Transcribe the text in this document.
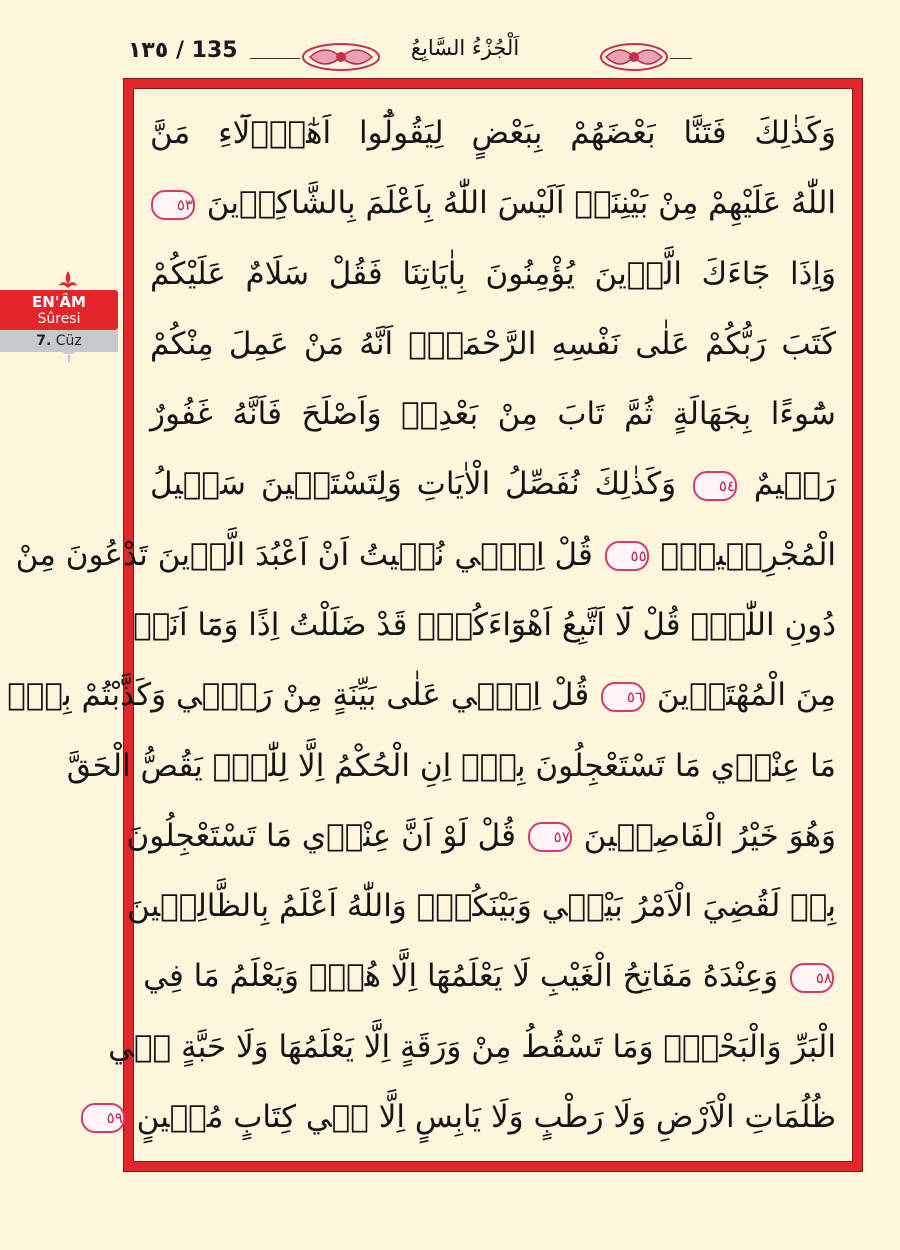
١٣٥ / 135	اَلْجُزْءُ السَّابِعُ
EN'ÂM
Sûresi
7. Cüz
وَكَذٰلِكَ فَتَنَّا بَعْضَهُمْ بِبَعْضٍ لِيَقُولُٓوا اَهٰٓؤُ۬لَٓاءِ مَنَّ
اللّٰهُ عَلَيْهِمْ مِنْ بَيْنِنَاۜ اَلَيْسَ اللّٰهُ بِاَعْلَمَ بِالشَّاكِر۪ينَ ٥٣
وَاِذَا جَٓاءَكَ الَّذ۪ينَ يُؤْمِنُونَ بِاٰيَاتِنَا فَقُلْ سَلَامٌ عَلَيْكُمْ
كَتَبَ رَبُّكُمْ عَلٰى نَفْسِهِ الرَّحْمَةَۙ اَنَّهُ مَنْ عَمِلَ مِنْكُمْ
سُٓوءًا بِجَهَالَةٍ ثُمَّ تَابَ مِنْ بَعْدِه۪ وَاَصْلَحَ فَاَنَّهُ غَفُورٌ
رَح۪يمٌ ٥٤ وَكَذٰلِكَ نُفَصِّلُ الْاٰيَاتِ وَلِتَسْتَب۪ينَ سَب۪يلُ
الْمُجْرِم۪ينَ۟ ٥٥ قُلْ اِنّ۪ي نُه۪يتُ اَنْ اَعْبُدَ الَّذ۪ينَ تَدْعُونَ مِنْ
دُونِ اللّٰهِۜ قُلْ لَٓا اَتَّبِعُ اَهْوَٓاءَكُمْۙ قَدْ ضَلَلْتُ اِذًا وَمَٓا اَنَا۬
مِنَ الْمُهْتَد۪ينَ ٥٦ قُلْ اِنّ۪ي عَلٰى بَيِّنَةٍ مِنْ رَبّ۪ي وَكَذَّبْتُمْ بِه۪ۜ
مَا عِنْد۪ي مَا تَسْتَعْجِلُونَ بِه۪ۜ اِنِ الْحُكْمُ اِلَّا لِلّٰهِۜ يَقُصُّ الْحَقَّ
وَهُوَ خَيْرُ الْفَاصِل۪ينَ ٥٧ قُلْ لَوْ اَنَّ عِنْد۪ي مَا تَسْتَعْجِلُونَ
بِه۪ لَقُضِيَ الْاَمْرُ بَيْن۪ي وَبَيْنَكُمْۜ وَاللّٰهُ اَعْلَمُ بِالظَّالِم۪ينَ
٥٨ وَعِنْدَهُ مَفَاتِحُ الْغَيْبِ لَا يَعْلَمُهَٓا اِلَّا هُوَۜ وَيَعْلَمُ مَا فِي
الْبَرِّ وَالْبَحْرِۜ وَمَا تَسْقُطُ مِنْ وَرَقَةٍ اِلَّا يَعْلَمُهَا وَلَا حَبَّةٍ ف۪ي
ظُلُمَاتِ الْاَرْضِ وَلَا رَطْبٍ وَلَا يَابِسٍ اِلَّا ف۪ي كِتَابٍ مُب۪ينٍ ٥٩
